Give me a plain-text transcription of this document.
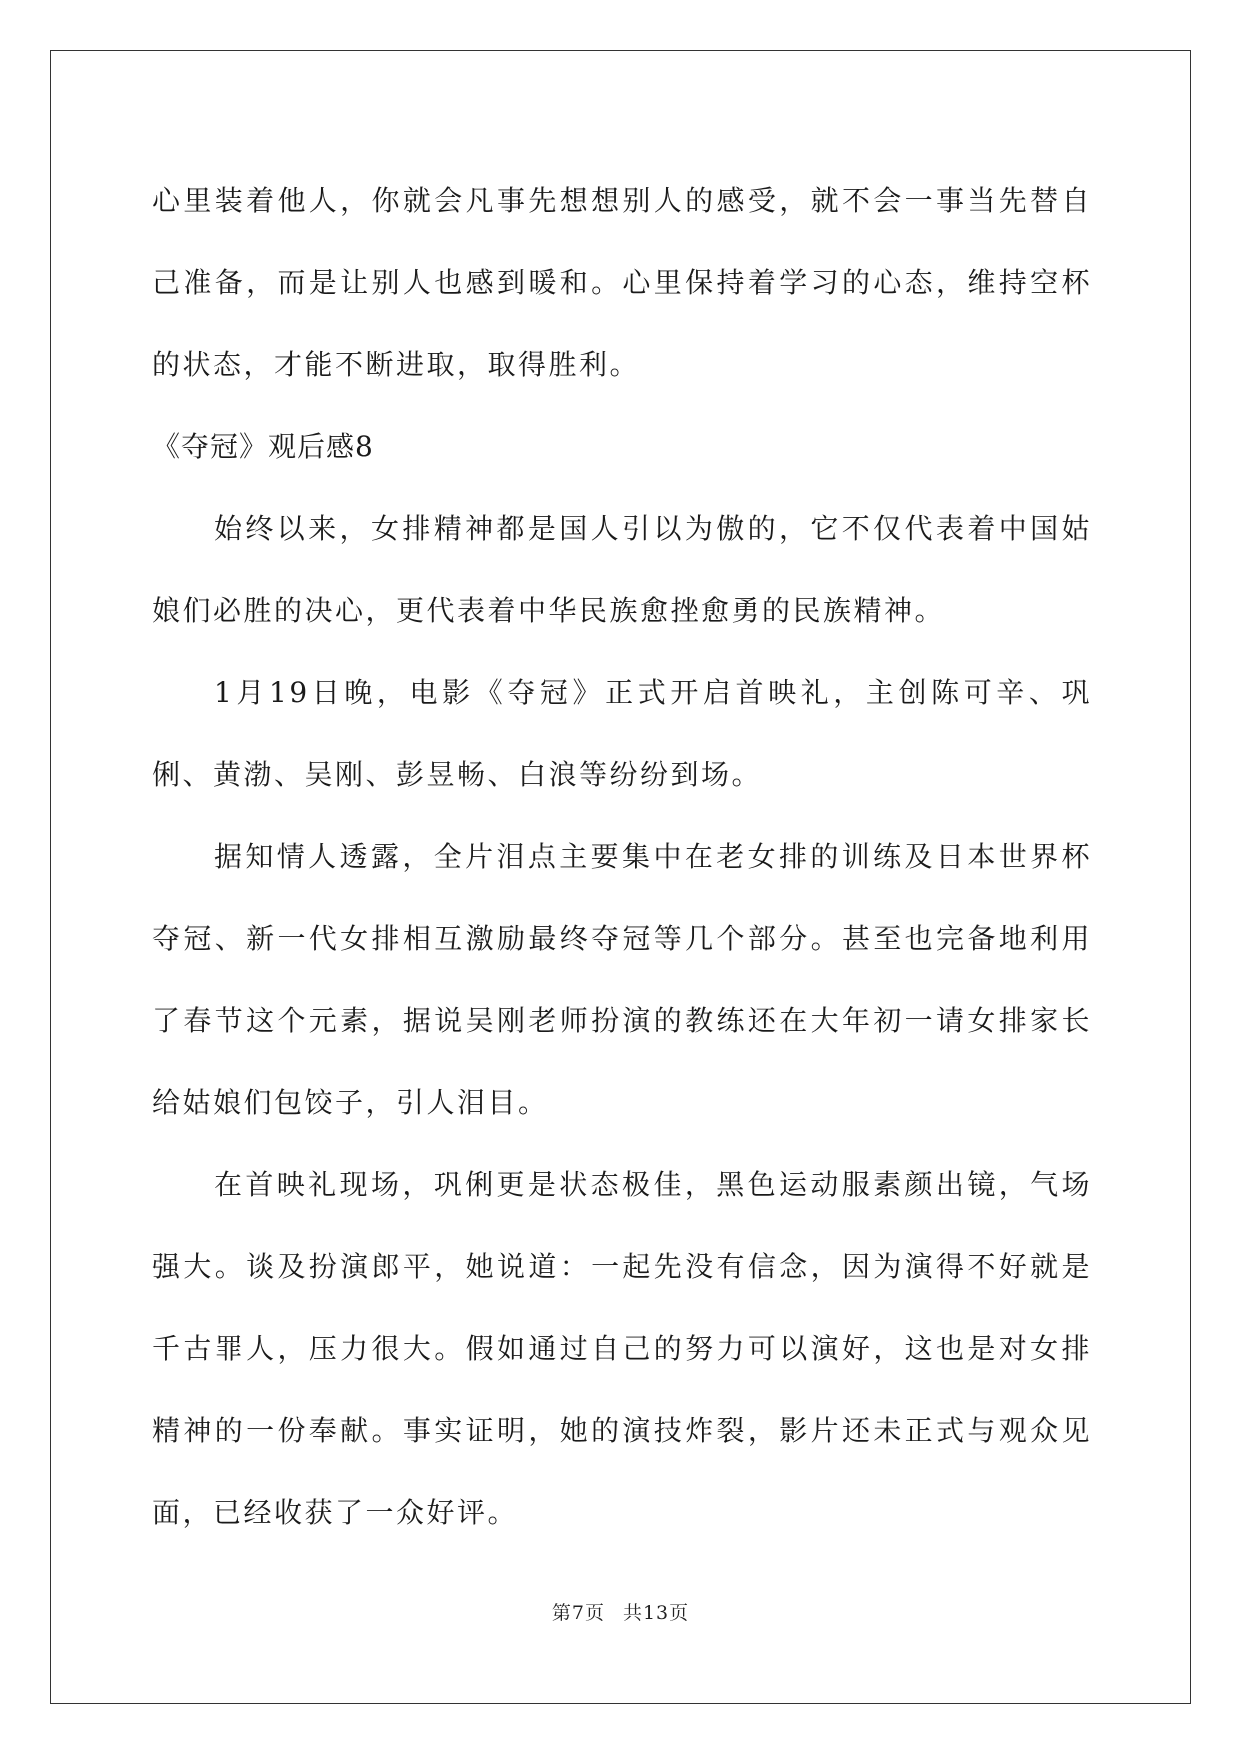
心里装着他人，你就会凡事先想想别人的感受，就不会一事当先替自己准备，而是让别人也感到暖和。心里保持着学习的心态，维持空杯的状态，才能不断进取，取得胜利。

《夺冠》观后感8

始终以来，女排精神都是国人引以为傲的，它不仅代表着中国姑娘们必胜的决心，更代表着中华民族愈挫愈勇的民族精神。

1月19日晚，电影《夺冠》正式开启首映礼，主创陈可辛、巩俐、黄渤、吴刚、彭昱畅、白浪等纷纷到场。

据知情人透露，全片泪点主要集中在老女排的训练及日本世界杯夺冠、新一代女排相互激励最终夺冠等几个部分。甚至也完备地利用了春节这个元素，据说吴刚老师扮演的教练还在大年初一请女排家长给姑娘们包饺子，引人泪目。

在首映礼现场，巩俐更是状态极佳，黑色运动服素颜出镜，气场强大。谈及扮演郎平，她说道：一起先没有信念，因为演得不好就是千古罪人，压力很大。假如通过自己的努力可以演好，这也是对女排精神的一份奉献。事实证明，她的演技炸裂，影片还未正式与观众见面，已经收获了一众好评。

第7页 共13页
